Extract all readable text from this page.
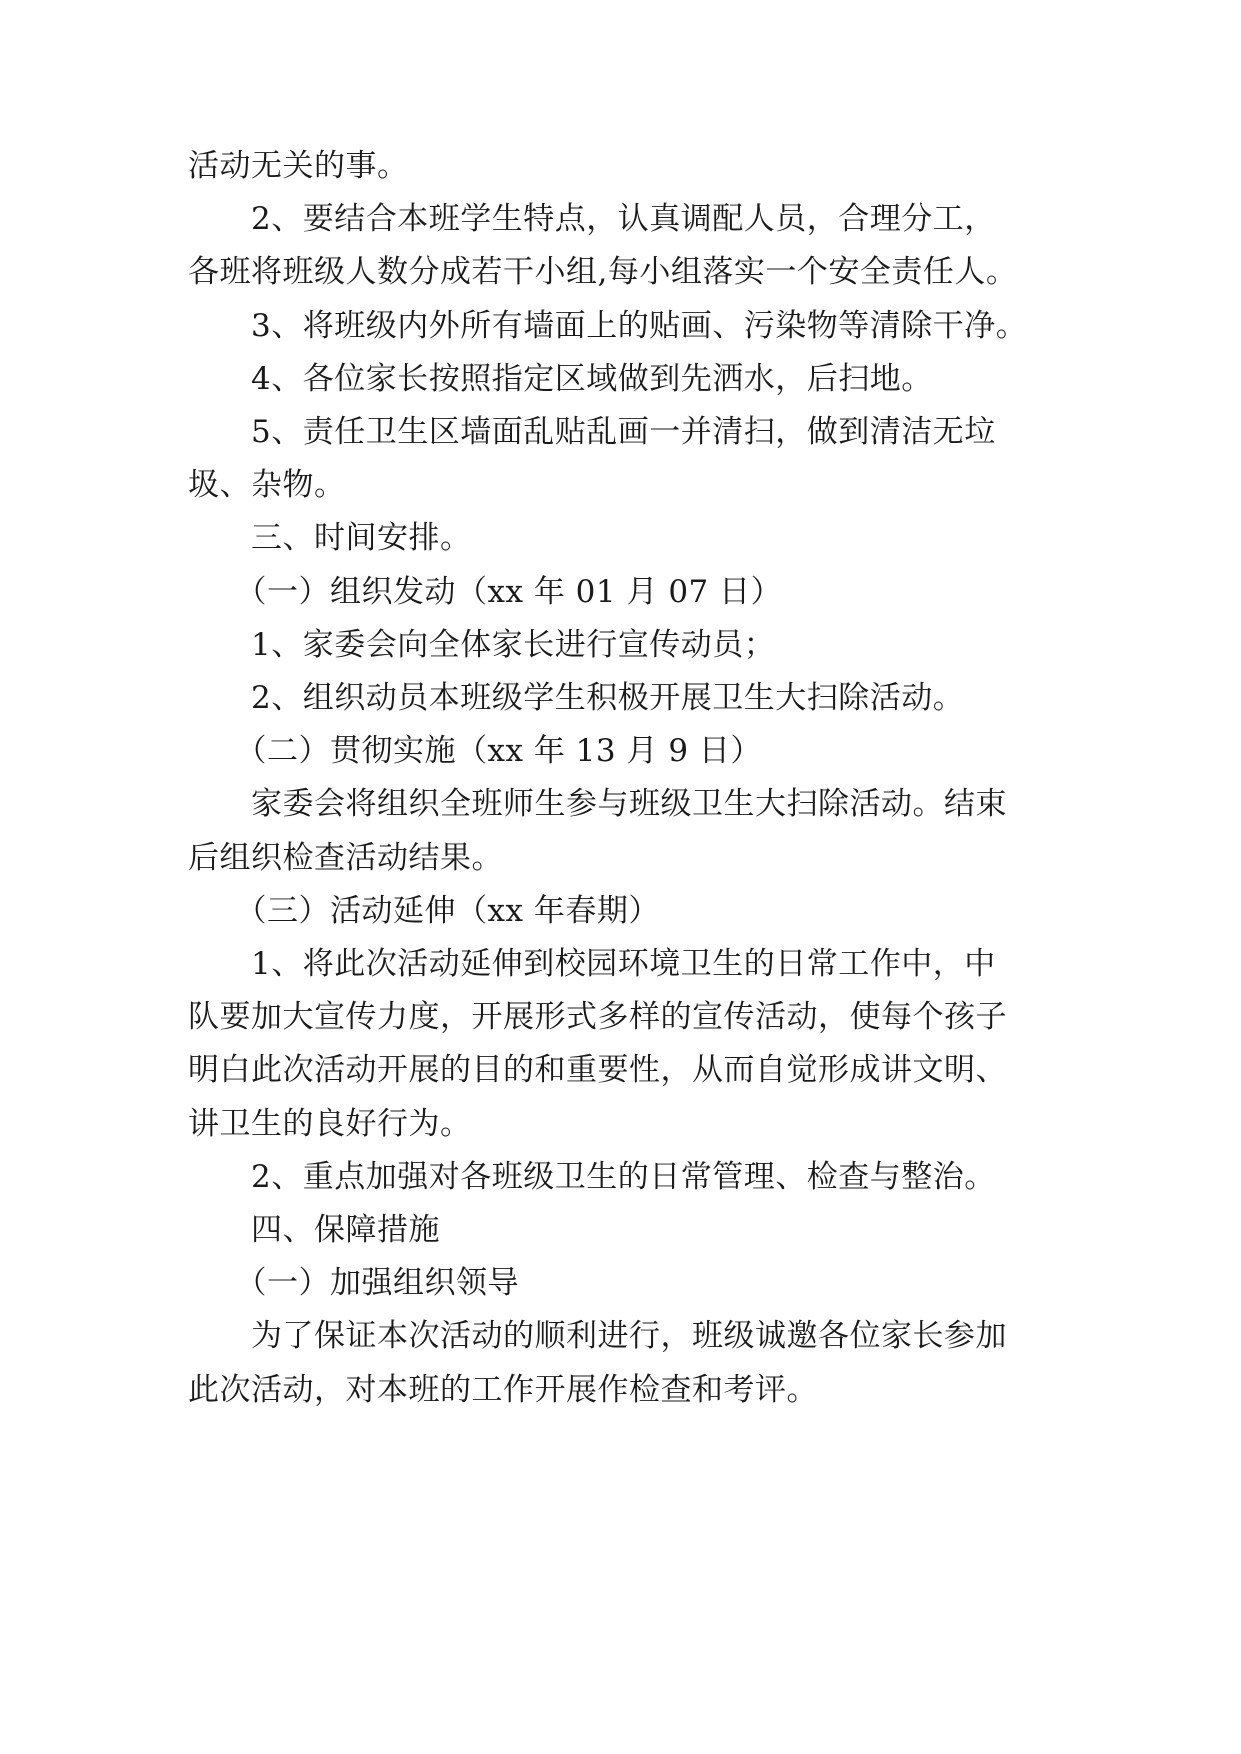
活动无关的事。
　　2、要结合本班学生特点，认真调配人员，合理分工，
各班将班级人数分成若干小组,每小组落实一个安全责任人。
　　3、将班级内外所有墙面上的贴画、污染物等清除干净。
　　4、各位家长按照指定区域做到先洒水，后扫地。
　　5、责任卫生区墙面乱贴乱画一并清扫，做到清洁无垃
圾、杂物。
　　三、时间安排。
　　（一）组织发动（xx 年 01 月 07 日）
　　1、家委会向全体家长进行宣传动员；
　　2、组织动员本班级学生积极开展卫生大扫除活动。
　　（二）贯彻实施（xx 年 13 月 9 日）
　　家委会将组织全班师生参与班级卫生大扫除活动。结束
后组织检查活动结果。
　　（三）活动延伸（xx 年春期）
　　1、将此次活动延伸到校园环境卫生的日常工作中，中
队要加大宣传力度，开展形式多样的宣传活动，使每个孩子
明白此次活动开展的目的和重要性，从而自觉形成讲文明、
讲卫生的良好行为。
　　2、重点加强对各班级卫生的日常管理、检查与整治。
　　四、保障措施
　　（一）加强组织领导
　　为了保证本次活动的顺利进行，班级诚邀各位家长参加
此次活动，对本班的工作开展作检查和考评。
